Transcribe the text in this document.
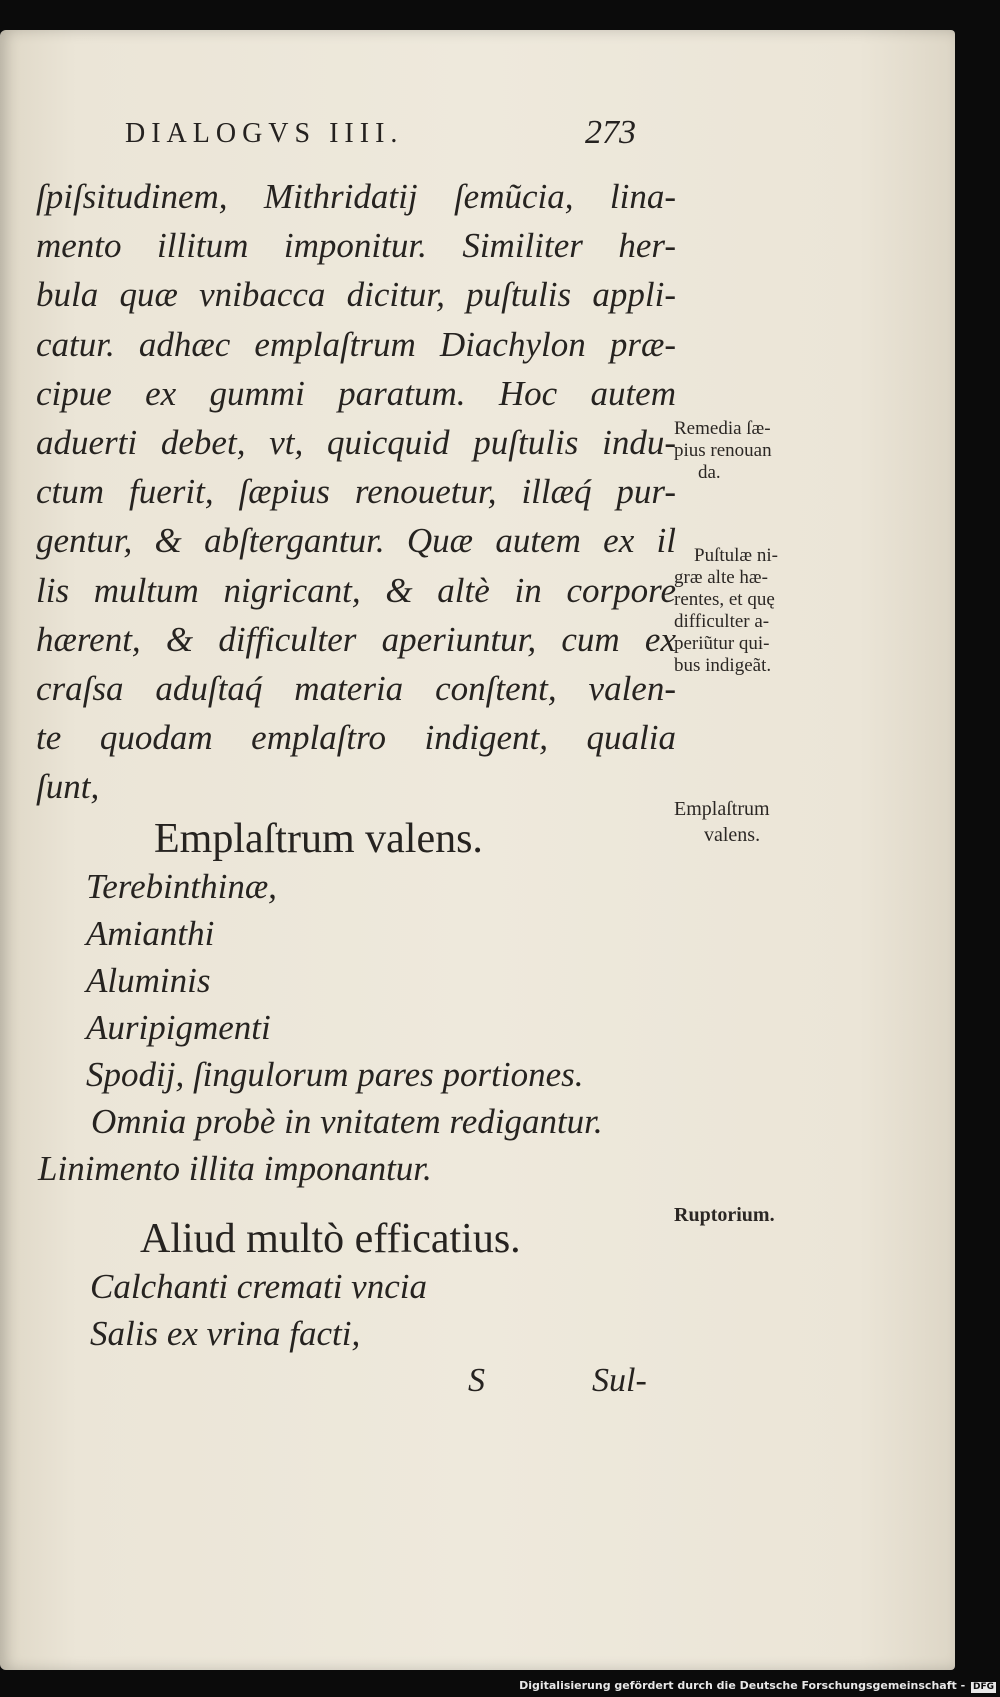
DIALOGVS IIII.	273
ſpiſsitudinem, Mithridatij ſemũcia, lina-
mento illitum imponitur. Similiter her-
bula quæ vnibacca dicitur, puſtulis appli-
catur. adhæc emplaſtrum Diachylon præ-
cipue ex gummi paratum. Hoc autem
aduerti debet, vt, quicquid puſtulis indu-
ctum fuerit, ſæpius renouetur, illæq́ pur-
gentur, & abſtergantur. Quæ autem ex il
lis multum nigricant, & altè in corpore
hærent, & difficulter aperiuntur, cum ex
craſsa aduſtaq́ materia conſtent, valen-
te quodam emplaſtro indigent, qualia
ſunt,
Emplaſtrum valens.
Terebinthinæ,
Amianthi
Aluminis
Auripigmenti
Spodij, ſingulorum pares portiones.
Omnia probè in vnitatem redigantur.
Linimento illita imponantur.
Aliud multò efficatius.
Calchanti cremati vncia
Salis ex vrina facti,
S	Sul-
Remedia ſæ-
pius renouan
da.
Puſtulæ ni-
græ alte hæ-
rentes, et quę
difficulter a-
periũtur qui-
bus indigeãt.
Emplaſtrum
valens.
Ruptorium.
Digitalisierung gefördert durch die Deutsche Forschungsgemeinschaft - DFG
